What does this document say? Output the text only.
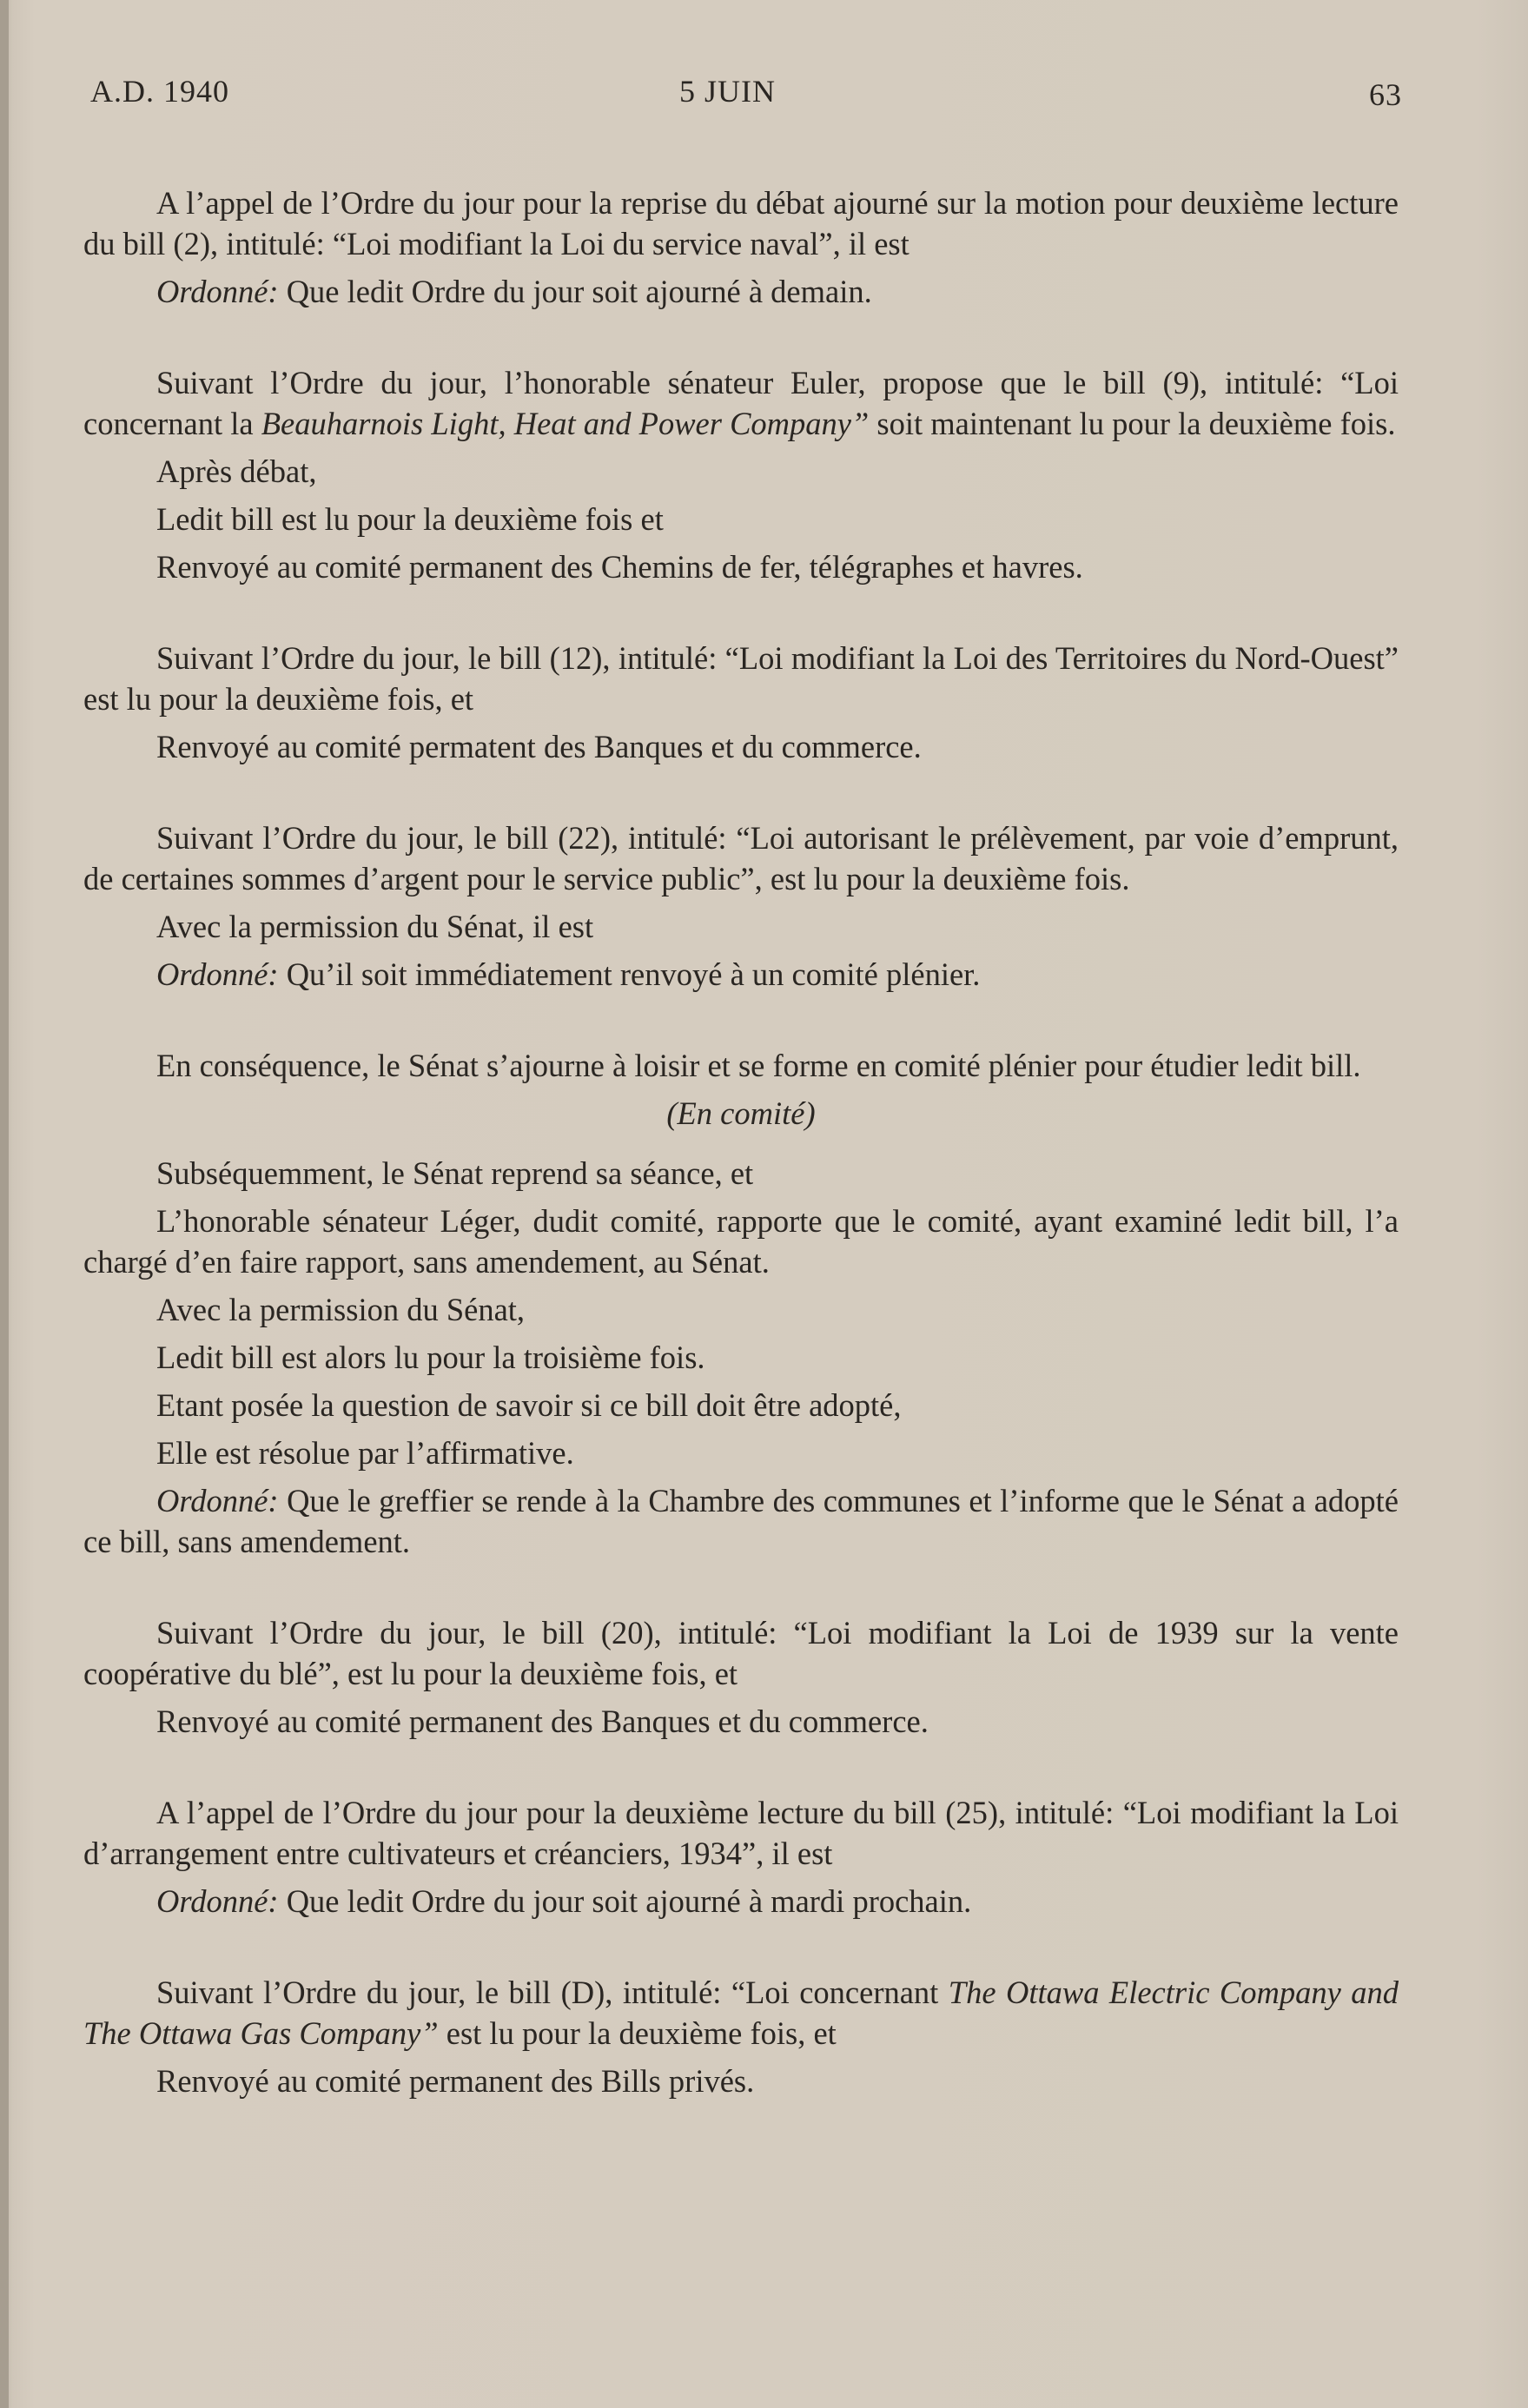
A.D. 1940	5 JUIN	63

A l’appel de l’Ordre du jour pour la reprise du débat ajourné sur la motion pour deuxième lecture du bill (2), intitulé: “Loi modifiant la Loi du service naval”, il est

Ordonné: Que ledit Ordre du jour soit ajourné à demain.

Suivant l’Ordre du jour, l’honorable sénateur Euler, propose que le bill (9), intitulé: “Loi concernant la Beauharnois Light, Heat and Power Company” soit maintenant lu pour la deuxième fois.

Après débat,

Ledit bill est lu pour la deuxième fois et

Renvoyé au comité permanent des Chemins de fer, télégraphes et havres.

Suivant l’Ordre du jour, le bill (12), intitulé: “Loi modifiant la Loi des Territoires du Nord-Ouest” est lu pour la deuxième fois, et

Renvoyé au comité permatent des Banques et du commerce.

Suivant l’Ordre du jour, le bill (22), intitulé: “Loi autorisant le prélèvement, par voie d’emprunt, de certaines sommes d’argent pour le service public”, est lu pour la deuxième fois.

Avec la permission du Sénat, il est

Ordonné: Qu’il soit immédiatement renvoyé à un comité plénier.

En conséquence, le Sénat s’ajourne à loisir et se forme en comité plénier pour étudier ledit bill.

(En comité)

Subséquemment, le Sénat reprend sa séance, et

L’honorable sénateur Léger, dudit comité, rapporte que le comité, ayant examiné ledit bill, l’a chargé d’en faire rapport, sans amendement, au Sénat.

Avec la permission du Sénat,

Ledit bill est alors lu pour la troisième fois.

Etant posée la question de savoir si ce bill doit être adopté,

Elle est résolue par l’affirmative.

Ordonné: Que le greffier se rende à la Chambre des communes et l’informe que le Sénat a adopté ce bill, sans amendement.

Suivant l’Ordre du jour, le bill (20), intitulé: “Loi modifiant la Loi de 1939 sur la vente coopérative du blé”, est lu pour la deuxième fois, et

Renvoyé au comité permanent des Banques et du commerce.

A l’appel de l’Ordre du jour pour la deuxième lecture du bill (25), intitulé: “Loi modifiant la Loi d’arrangement entre cultivateurs et créanciers, 1934”, il est

Ordonné: Que ledit Ordre du jour soit ajourné à mardi prochain.

Suivant l’Ordre du jour, le bill (D), intitulé: “Loi concernant The Ottawa Electric Company and The Ottawa Gas Company” est lu pour la deuxième fois, et

Renvoyé au comité permanent des Bills privés.
